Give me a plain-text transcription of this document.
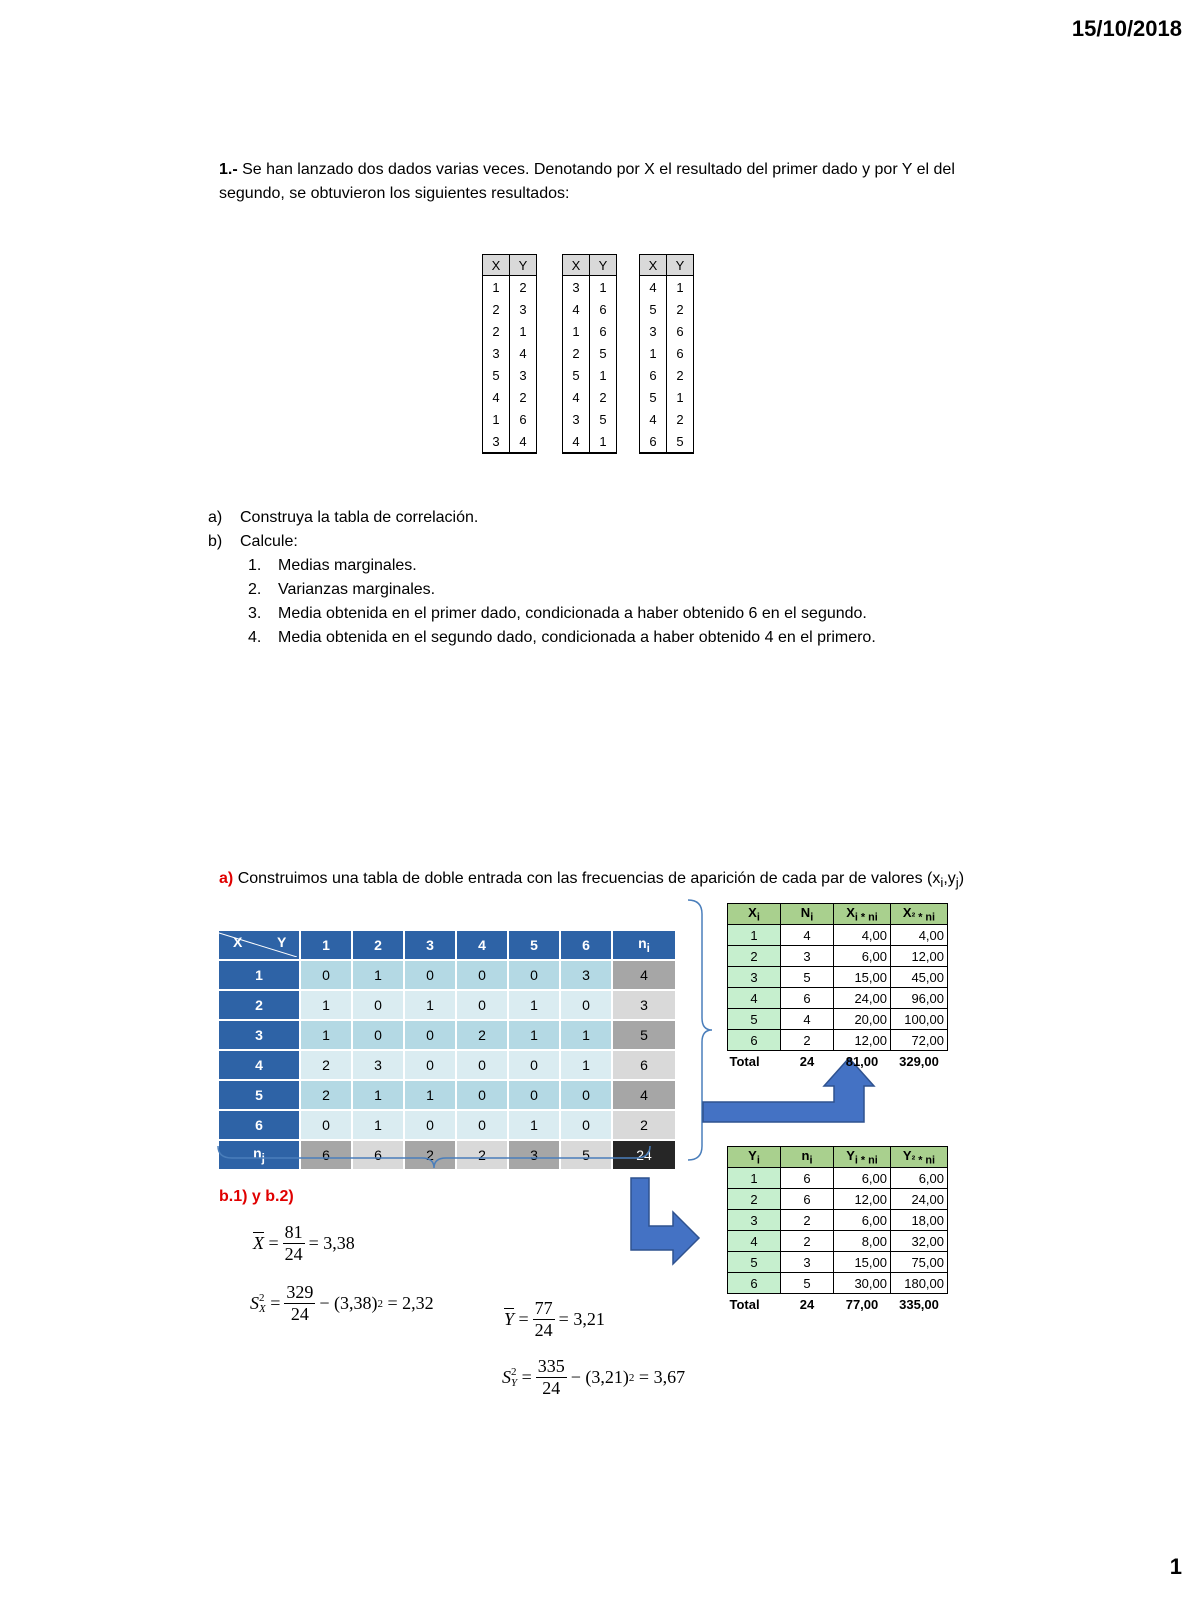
15/10/2018
1
1.- Se han lanzado dos dados varias veces. Denotando por X el resultado del primer dado y por Y el del segundo, se obtuvieron los siguientes resultados:
X	Y
1	2
2	3
2	1
3	4
5	3
4	2
1	6
3	4
X	Y
3	1
4	6
1	6
2	5
5	1
4	2
3	5
4	1
X	Y
4	1
5	2
3	6
1	6
6	2
5	1
4	2
6	5
a)	Construya la tabla de correlación.
b)	Calcule:
1.	Medias marginales.
2.	Varianzas marginales.
3.	Media obtenida en el primer dado, condicionada a haber obtenido 6 en el segundo.
4.	Media obtenida en el segundo dado, condicionada a haber obtenido 4 en el primero.
a) Construimos una tabla de doble entrada con las frecuencias de aparición de cada par de valores $(x_i,y_j)$
X Y	1	2	3	4	5	6	$n_i$
1	0	1	0	0	0	3	4
2	1	0	1	0	1	0	3
3	1	0	0	2	1	1	5
4	2	3	0	0	0	1	6
5	2	1	1	0	0	0	4
6	0	1	0	0	1	0	2
$n_j$	6	6	2	2	3	5	24
$X_i$	$N_i$	$X_{i * ni}$	$X_{^2 * ni}$
1	4	4,00	4,00
2	3	6,00	12,00
3	5	15,00	45,00
4	6	24,00	96,00
5	4	20,00	100,00
6	2	12,00	72,00
Total	24	81,00	329,00
$Y_i$	$n_i$	$Y_{i * ni}$	$Y_{^2 * ni}$
1	6	6,00	6,00
2	6	12,00	24,00
3	2	6,00	18,00
4	2	8,00	32,00
5	3	15,00	75,00
6	5	30,00	180,00
Total	24	77,00	335,00
b.1) y b.2)
$\overline{X} = \frac{81}{24} = 3,38$
S 2
$X = \frac{329}{24} - (3,38)$ 2
= 2,32
$\overline{Y} = \frac{77}{24} = 3,21$
S 2
$Y = \frac{335}{24} - (3,21)$ 2
= 3,67
